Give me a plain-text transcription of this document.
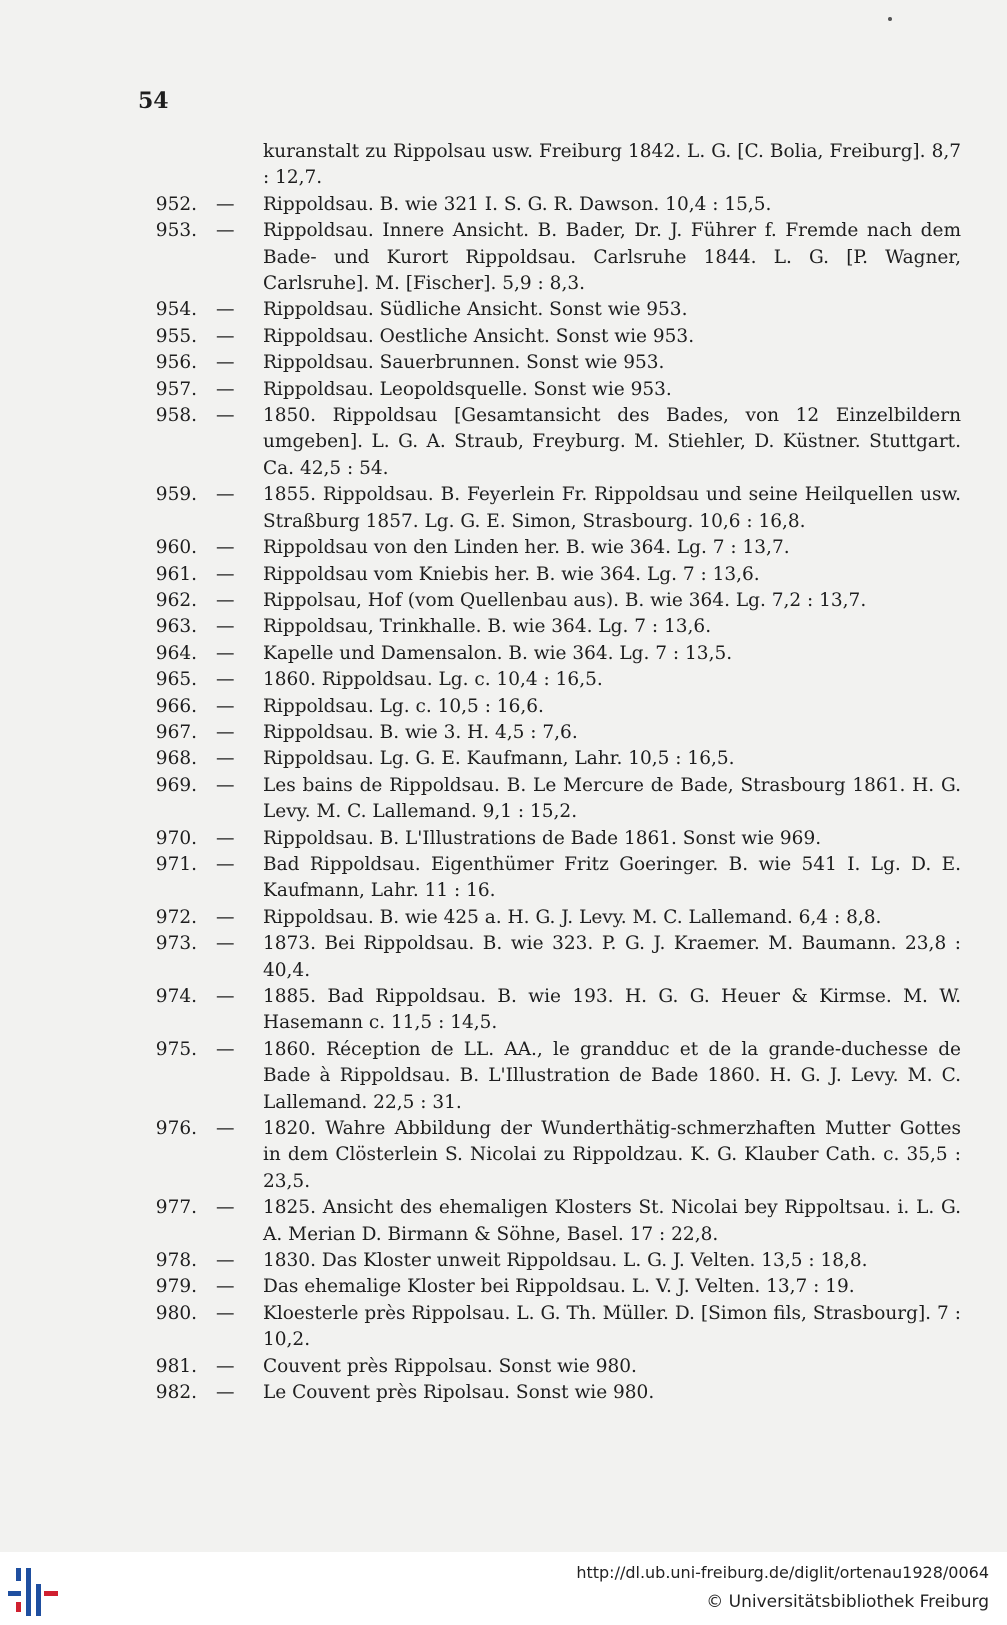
54
kuranstalt zu Rippolsau usw. Freiburg 1842. L. G. [C. Bolia, Freiburg]. 8,7 : 12,7.
952. — Rippoldsau. B. wie 321 I. S. G. R. Dawson. 10,4 : 15,5.
953. — Rippoldsau. Innere Ansicht. B. Bader, Dr. J. Führer f. Fremde nach dem Bade- und Kurort Rippoldsau. Carlsruhe 1844. L. G. [P. Wagner, Carlsruhe]. M. [Fischer]. 5,9 : 8,3.
954. — Rippoldsau. Südliche Ansicht. Sonst wie 953.
955. — Rippoldsau. Oestliche Ansicht. Sonst wie 953.
956. — Rippoldsau. Sauerbrunnen. Sonst wie 953.
957. — Rippoldsau. Leopoldsquelle. Sonst wie 953.
958. — 1850. Rippoldsau [Gesamtansicht des Bades, von 12 Einzelbildern umgeben]. L. G. A. Straub, Freyburg. M. Stiehler, D. Küstner. Stuttgart. Ca. 42,5 : 54.
959. — 1855. Rippoldsau. B. Feyerlein Fr. Rippoldsau und seine Heilquellen usw. Straßburg 1857. Lg. G. E. Simon, Strasbourg. 10,6 : 16,8.
960. — Rippoldsau von den Linden her. B. wie 364. Lg. 7 : 13,7.
961. — Rippoldsau vom Kniebis her. B. wie 364. Lg. 7 : 13,6.
962. — Rippolsau, Hof (vom Quellenbau aus). B. wie 364. Lg. 7,2 : 13,7.
963. — Rippoldsau, Trinkhalle. B. wie 364. Lg. 7 : 13,6.
964. — Kapelle und Damensalon. B. wie 364. Lg. 7 : 13,5.
965. — 1860. Rippoldsau. Lg. c. 10,4 : 16,5.
966. — Rippoldsau. Lg. c. 10,5 : 16,6.
967. — Rippoldsau. B. wie 3. H. 4,5 : 7,6.
968. — Rippoldsau. Lg. G. E. Kaufmann, Lahr. 10,5 : 16,5.
969. — Les bains de Rippoldsau. B. Le Mercure de Bade, Strasbourg 1861. H. G. Levy. M. C. Lallemand. 9,1 : 15,2.
970. — Rippoldsau. B. L'Illustrations de Bade 1861. Sonst wie 969.
971. — Bad Rippoldsau. Eigenthümer Fritz Goeringer. B. wie 541 I. Lg. D. E. Kaufmann, Lahr. 11 : 16.
972. — Rippoldsau. B. wie 425 a. H. G. J. Levy. M. C. Lallemand. 6,4 : 8,8.
973. — 1873. Bei Rippoldsau. B. wie 323. P. G. J. Kraemer. M. Baumann. 23,8 : 40,4.
974. — 1885. Bad Rippoldsau. B. wie 193. H. G. G. Heuer & Kirmse. M. W. Hasemann c. 11,5 : 14,5.
975. — 1860. Réception de LL. AA., le grandduc et de la grande-duchesse de Bade à Rippoldsau. B. L'Illustration de Bade 1860. H. G. J. Levy. M. C. Lallemand. 22,5 : 31.
976. — 1820. Wahre Abbildung der Wunderthätig-schmerzhaften Mutter Gottes in dem Clösterlein S. Nicolai zu Rippoldzau. K. G. Klauber Cath. c. 35,5 : 23,5.
977. — 1825. Ansicht des ehemaligen Klosters St. Nicolai bey Rippoltsau. i. L. G. A. Merian D. Birmann & Söhne, Basel. 17 : 22,8.
978. — 1830. Das Kloster unweit Rippoldsau. L. G. J. Velten. 13,5 : 18,8.
979. — Das ehemalige Kloster bei Rippoldsau. L. V. J. Velten. 13,7 : 19.
980. — Kloesterle près Rippolsau. L. G. Th. Müller. D. [Simon fils, Strasbourg]. 7 : 10,2.
981. — Couvent près Rippolsau. Sonst wie 980.
982. — Le Couvent près Ripolsau. Sonst wie 980.
http://dl.ub.uni-freiburg.de/diglit/ortenau1928/0064
© Universitätsbibliothek Freiburg
